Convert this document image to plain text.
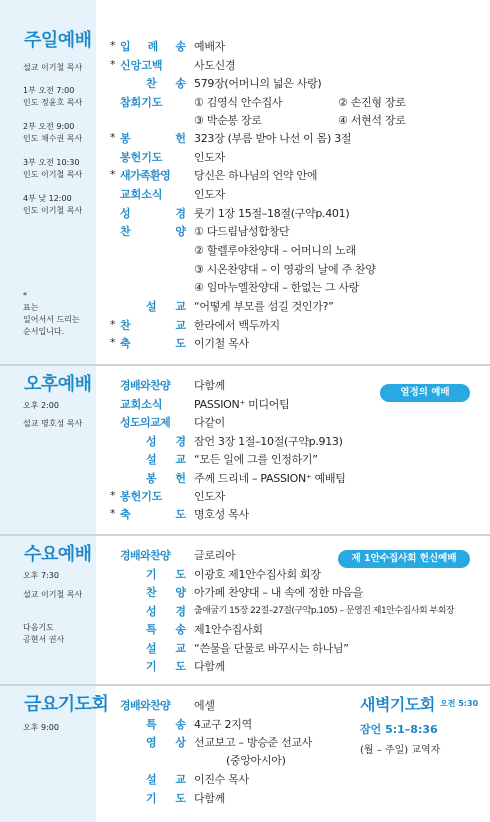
주일예배
설교 이기철 목사
1부 오전 7:00
인도 정윤호 목사
2부 오전 9:00
인도 채수권 목사
3부 오전 10:30
인도 이기철 목사
4부 낮 12:00
인도 이기철 목사
*
표는
일어서서 드리는
순서입니다.
* 입 례 송 예배자
* 신앙고백	사도신경
찬 송 579장(어머니의 넓은 사랑)
참회기도	① 김영식 안수집사	② 손진형 장로
③ 박순봉 장로	④ 서현석 장로
* 봉	헌 323장 (부름 받아 나선 이 몸) 3절
봉헌기도	인도자
* 새가족환영 당신은 하나님의 언약 안에
교회소식	인도자
성	경 룻기 1장 15절–18절(구약p.401)
찬	양 ① 다드림남성합창단
② 할렐루야찬양대 – 어머니의 노래
③ 시온찬양대 – 이 영광의 날에 주 찬양
④ 임마누엘찬양대 – 한없는 그 사랑
설 교 “어떻게 부모를 섬길 것인가?”
* 찬	교 한라에서 백두까지
* 축	도 이기철 목사
오후예배
오후 2:00
설교 명호성 목사
열정의 예배
경배와찬양 다함께
교회소식	PASSION⁺ 미디어팀
성도의교제 다같이
성 경 잠언 3장 1절–10절(구약p.913)
설 교 “모든 일에 그를 인정하기”
봉 헌 주께 드리네 – PASSION⁺ 예배팀
* 봉헌기도	인도자
* 축	도 명호성 목사
수요예배
오후 7:30
설교 이기철 목사
다음기도
공현서 권사
제 1안수집사회 헌신예배
경배와찬양 글로리아
기 도 이광호 제1안수집사회 회장
찬 양 아가페 찬양대 – 내 속에 정한 마음을
성 경 출애굽기 15장 22절–27절(구약p.105) – 문영진 제1안수집사회 부회장
특 송 제1안수집사회
설 교 “쓴물을 단물로 바꾸시는 하나님”
기 도 다함께
금요기도회
오후 9:00
경배와찬양 에셀
특 송 4교구 2지역
영 상 선교보고 – 방승준 선교사
(중앙아시아)
설 교 이진수 목사
기 도 다함께
새벽기도회 오전 5:30
잠언 5:1–8:36
(월 – 주일) 교역자
